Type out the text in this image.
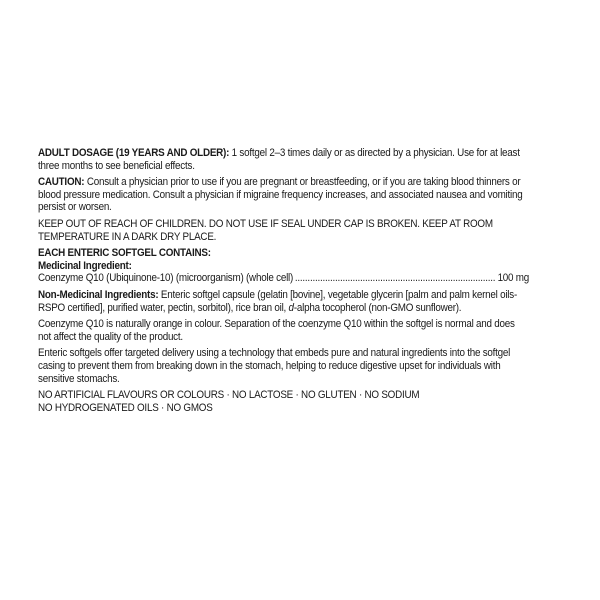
ADULT DOSAGE (19 YEARS AND OLDER): 1 softgel 2–3 times daily or as directed by a physician. Use for at least three months to see beneficial effects.

CAUTION: Consult a physician prior to use if you are pregnant or breastfeeding, or if you are taking blood thinners or blood pressure medication. Consult a physician if migraine frequency increases, and associated nausea and vomiting persist or worsen.

KEEP OUT OF REACH OF CHILDREN. DO NOT USE IF SEAL UNDER CAP IS BROKEN. KEEP AT ROOM TEMPERATURE IN A DARK DRY PLACE.

EACH ENTERIC SOFTGEL CONTAINS:

Medicinal Ingredient:

Coenzyme Q10 (Ubiquinone-10) (microorganism) (whole cell)
.....	100 mg

Non-Medicinal Ingredients: Enteric softgel capsule (gelatin [bovine], vegetable glycerin [palm and palm kernel oils-RSPO certified], purified water, pectin, sorbitol), rice bran oil, d-alpha tocopherol (non-GMO sunflower).

Coenzyme Q10 is naturally orange in colour. Separation of the coenzyme Q10 within the softgel is normal and does not affect the quality of the product.

Enteric softgels offer targeted delivery using a technology that embeds pure and natural ingredients into the softgel casing to prevent them from breaking down in the stomach, helping to reduce digestive upset for individuals with sensitive stomachs.

NO ARTIFICIAL FLAVOURS OR COLOURS · NO LACTOSE · NO GLUTEN · NO SODIUM

NO HYDROGENATED OILS · NO GMOS
